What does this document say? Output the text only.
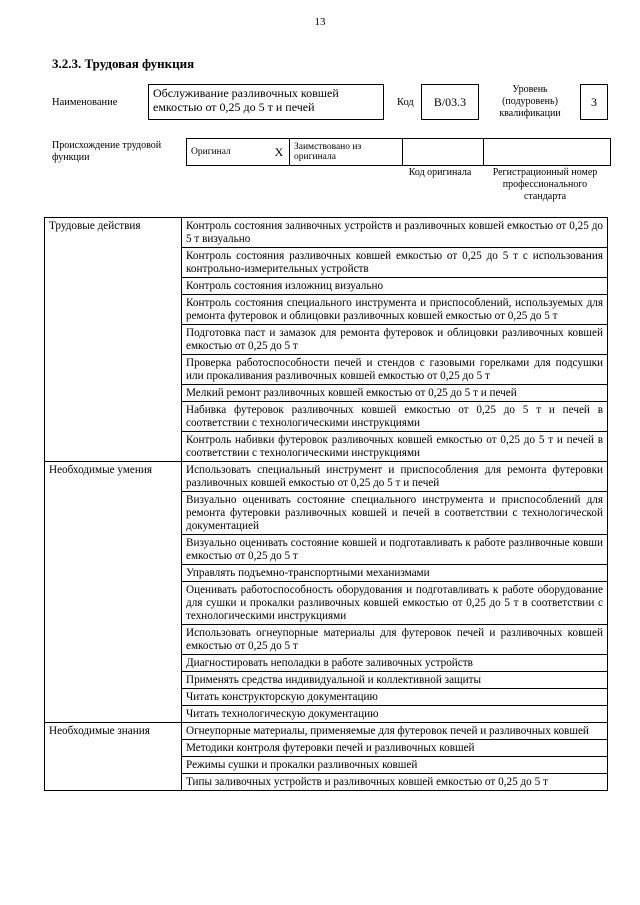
13
3.2.3. Трудовая функция
Наименование
Обслуживание разливочных ковшей емкостью от 0,25 до 5 т и печей	Код	В/03.3
Уровень (подуровень) квалификации
3
Происхождение трудовой функции	Оригинал	X	Заимствовано из оригинала		
Код оригинала	Регистрационный номер профессионального стандарта
Трудовые действия	Контроль состояния заливочных устройств и разливочных ковшей емкостью от 0,25 до 5 т визуально
	Контроль состояния разливочных ковшей емкостью от 0,25 до 5 т с использования контрольно-измерительных устройств
	Контроль состояния изложниц визуально
	Контроль состояния специального инструмента и приспособлений, используемых для ремонта футеровок и облицовки разливочных ковшей емкостью от 0,25 до 5 т
	Подготовка паст и замазок для ремонта футеровок и облицовки разливочных ковшей емкостью от 0,25 до 5 т
	Проверка работоспособности печей и стендов с газовыми горелками для подсушки или прокаливания разливочных ковшей емкостью от 0,25 до 5 т
	Мелкий ремонт разливочных ковшей емкостью от 0,25 до 5 т и печей
	Набивка футеровок разливочных ковшей емкостью от 0,25 до 5 т и печей в соответствии с технологическими инструкциями
	Контроль набивки футеровок разливочных ковшей емкостью от 0,25 до 5 т и печей в соответствии с технологическими инструкциями
Необходимые умения	Использовать специальный инструмент и приспособления для ремонта футеровки разливочных ковшей емкостью от 0,25 до 5 т и печей
	Визуально оценивать состояние специального инструмента и приспособлений для ремонта футеровки разливочных ковшей и печей в соответствии с технологической документацией
	Визуально оценивать состояние ковшей и подготавливать к работе разливочные ковши емкостью от 0,25 до 5 т
	Управлять подъемно-транспортными механизмами
	Оценивать работоспособность оборудования и подготавливать к работе оборудование для сушки и прокалки разливочных ковшей емкостью от 0,25 до 5 т в соответствии с технологическими инструкциями
	Использовать огнеупорные материалы для футеровок печей и разливочных ковшей емкостью от 0,25 до 5 т
	Диагностировать неполадки в работе заливочных устройств
	Применять средства индивидуальной и коллективной защиты
	Читать конструкторскую документацию
	Читать технологическую документацию
Необходимые знания	Огнеупорные материалы, применяемые для футеровок печей и разливочных ковшей
	Методики контроля футеровки печей и разливочных ковшей
	Режимы сушки и прокалки разливочных ковшей
	Типы заливочных устройств и разливочных ковшей емкостью от 0,25 до 5 т
